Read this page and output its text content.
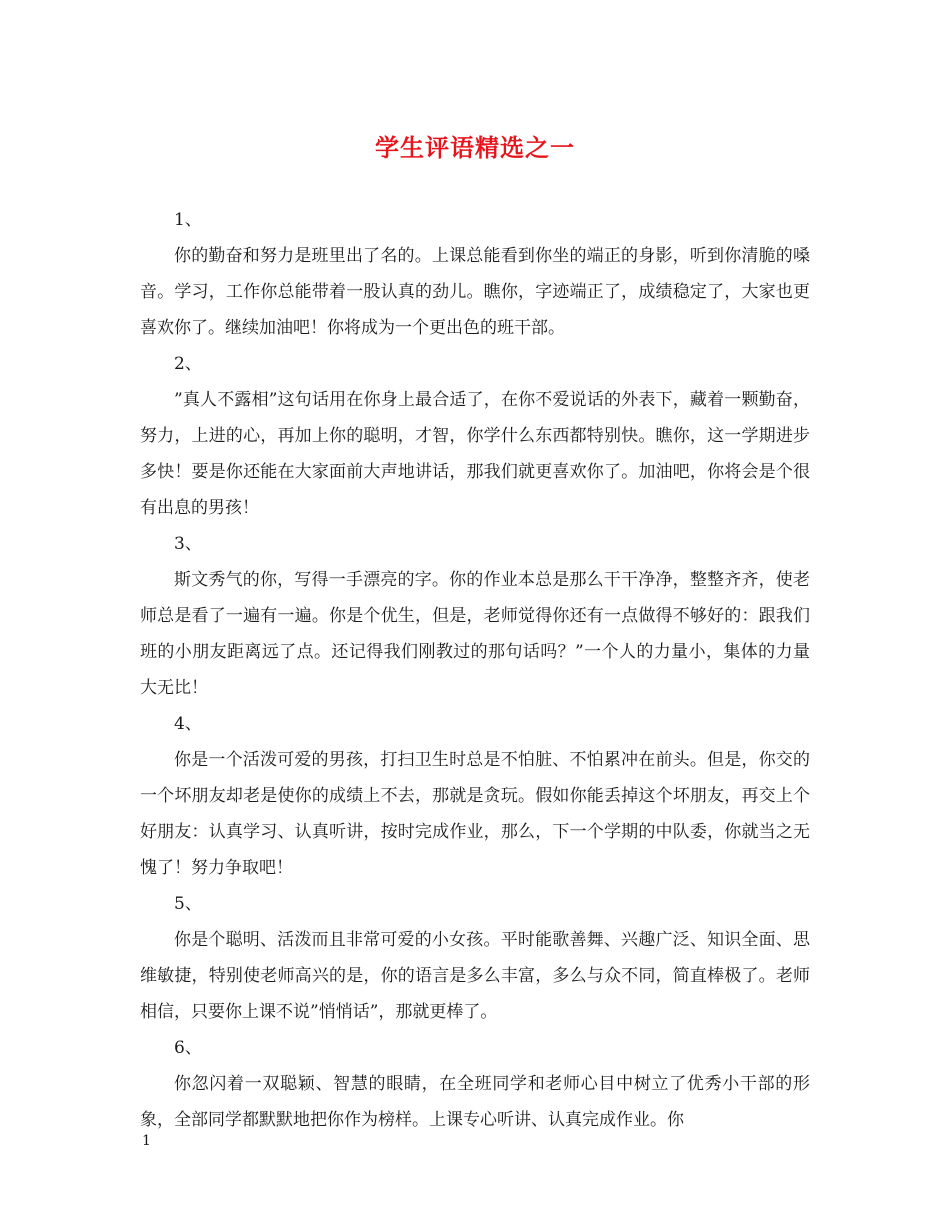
学生评语精选之一

1、

你的勤奋和努力是班里出了名的。上课总能看到你坐的端正的身影，听到你清脆的嗓音。学习，工作你总能带着一股认真的劲儿。瞧你，字迹端正了，成绩稳定了，大家也更喜欢你了。继续加油吧！你将成为一个更出色的班干部。

2、

”真人不露相”这句话用在你身上最合适了，在你不爱说话的外表下，藏着一颗勤奋，努力，上进的心，再加上你的聪明，才智，你学什么东西都特别快。瞧你，这一学期进步多快！要是你还能在大家面前大声地讲话，那我们就更喜欢你了。加油吧，你将会是个很有出息的男孩！

3、

斯文秀气的你，写得一手漂亮的字。你的作业本总是那么干干净净，整整齐齐，使老师总是看了一遍有一遍。你是个优生，但是，老师觉得你还有一点做得不够好的：跟我们班的小朋友距离远了点。还记得我们刚教过的那句话吗？”一个人的力量小，集体的力量大无比！

4、

你是一个活泼可爱的男孩，打扫卫生时总是不怕脏、不怕累冲在前头。但是，你交的一个坏朋友却老是使你的成绩上不去，那就是贪玩。假如你能丢掉这个坏朋友，再交上个好朋友：认真学习、认真听讲，按时完成作业，那么，下一个学期的中队委，你就当之无愧了！努力争取吧！

5、

你是个聪明、活泼而且非常可爱的小女孩。平时能歌善舞、兴趣广泛、知识全面、思维敏捷，特别使老师高兴的是，你的语言是多么丰富，多么与众不同，简直棒极了。老师相信，只要你上课不说”悄悄话”，那就更棒了。

6、

你忽闪着一双聪颖、智慧的眼睛，在全班同学和老师心目中树立了优秀小干部的形象，全部同学都默默地把你作为榜样。上课专心听讲、认真完成作业。你

1
